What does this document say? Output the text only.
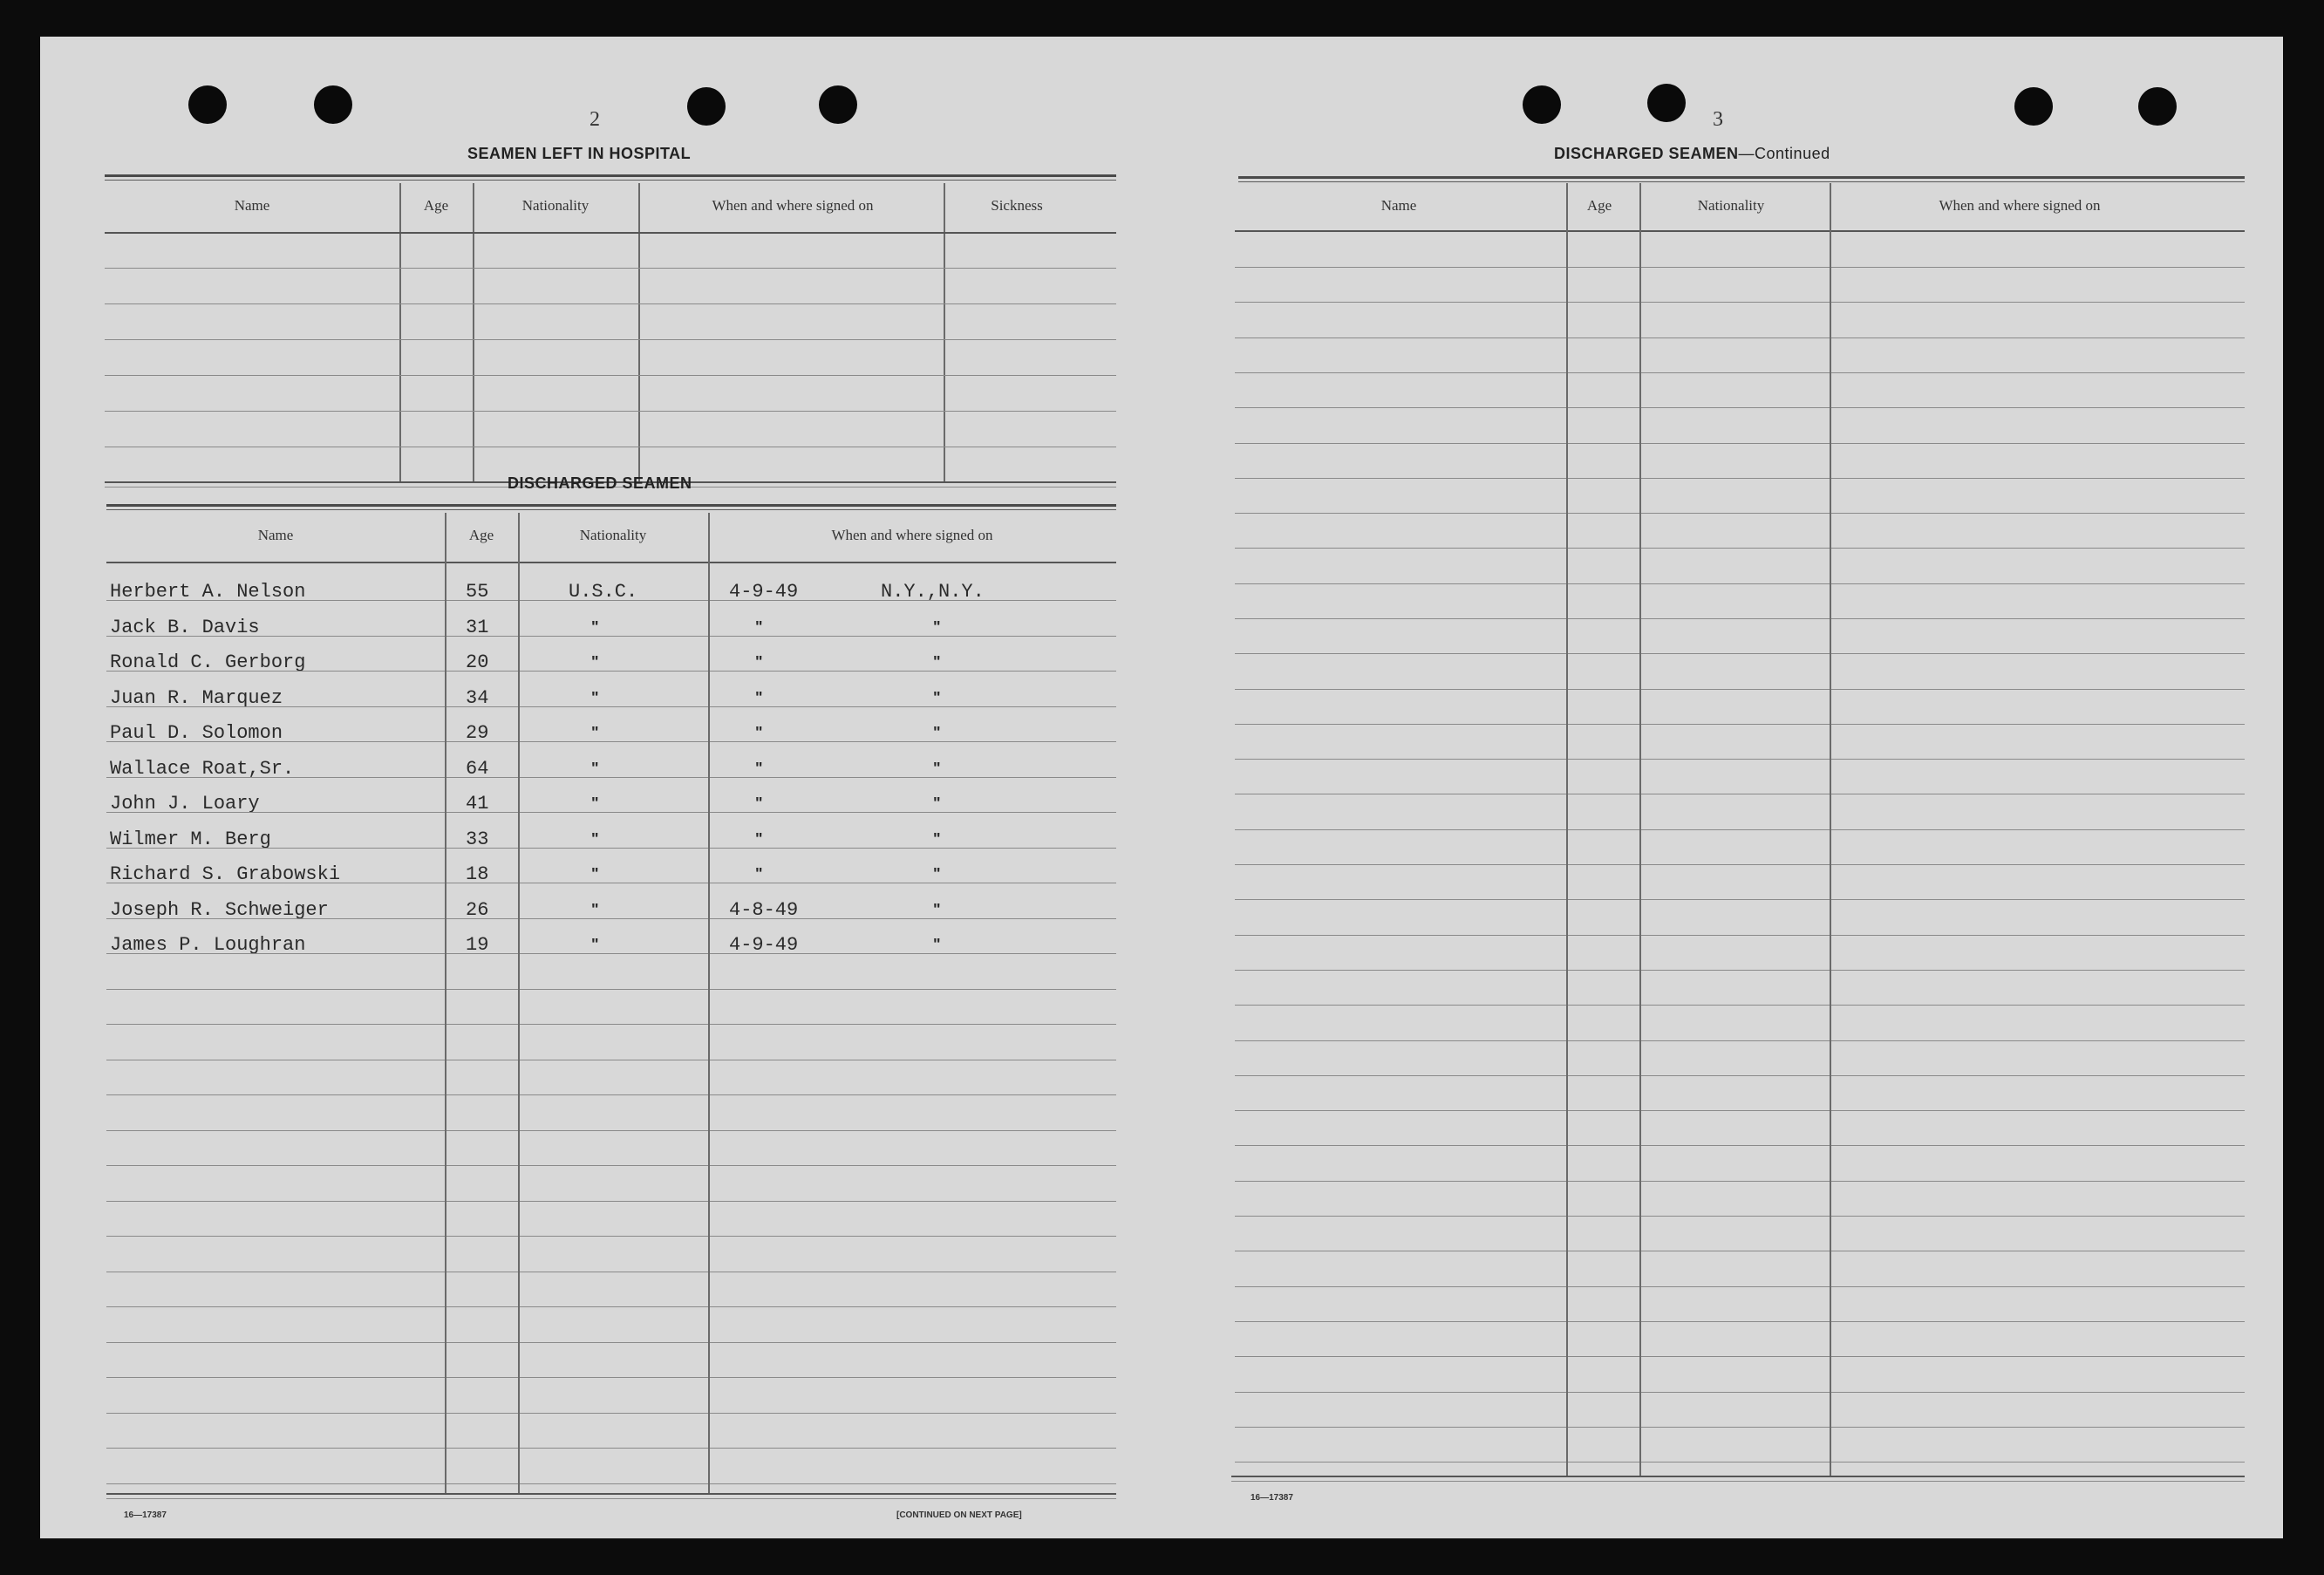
2
SEAMEN LEFT IN HOSPITAL
Name	Age	Nationality	When and where signed on	Sickness
DISCHARGED SEAMEN
Name	Age	Nationality	When and where signed on
Herbert A. Nelson	55	U.S.C.	4-9-49	N.Y.,N.Y.
Jack B. Davis	31	"	"	"
Ronald C. Gerborg	20	"	"	"
Juan R. Marquez	34	"	"	"
Paul D. Solomon	29	"	"	"
Wallace Roat,Sr.	64	"	"	"
John J. Loary	41	"	"	"
Wilmer M. Berg	33	"	"	"
Richard S. Grabowski	18	"	"	"
Joseph R. Schweiger	26	"	4-8-49	"
James P. Loughran	19	"	4-9-49	"
16—17387	[CONTINUED ON NEXT PAGE]
3
DISCHARGED SEAMEN—Continued
Name	Age	Nationality	When and where signed on
16—17387
